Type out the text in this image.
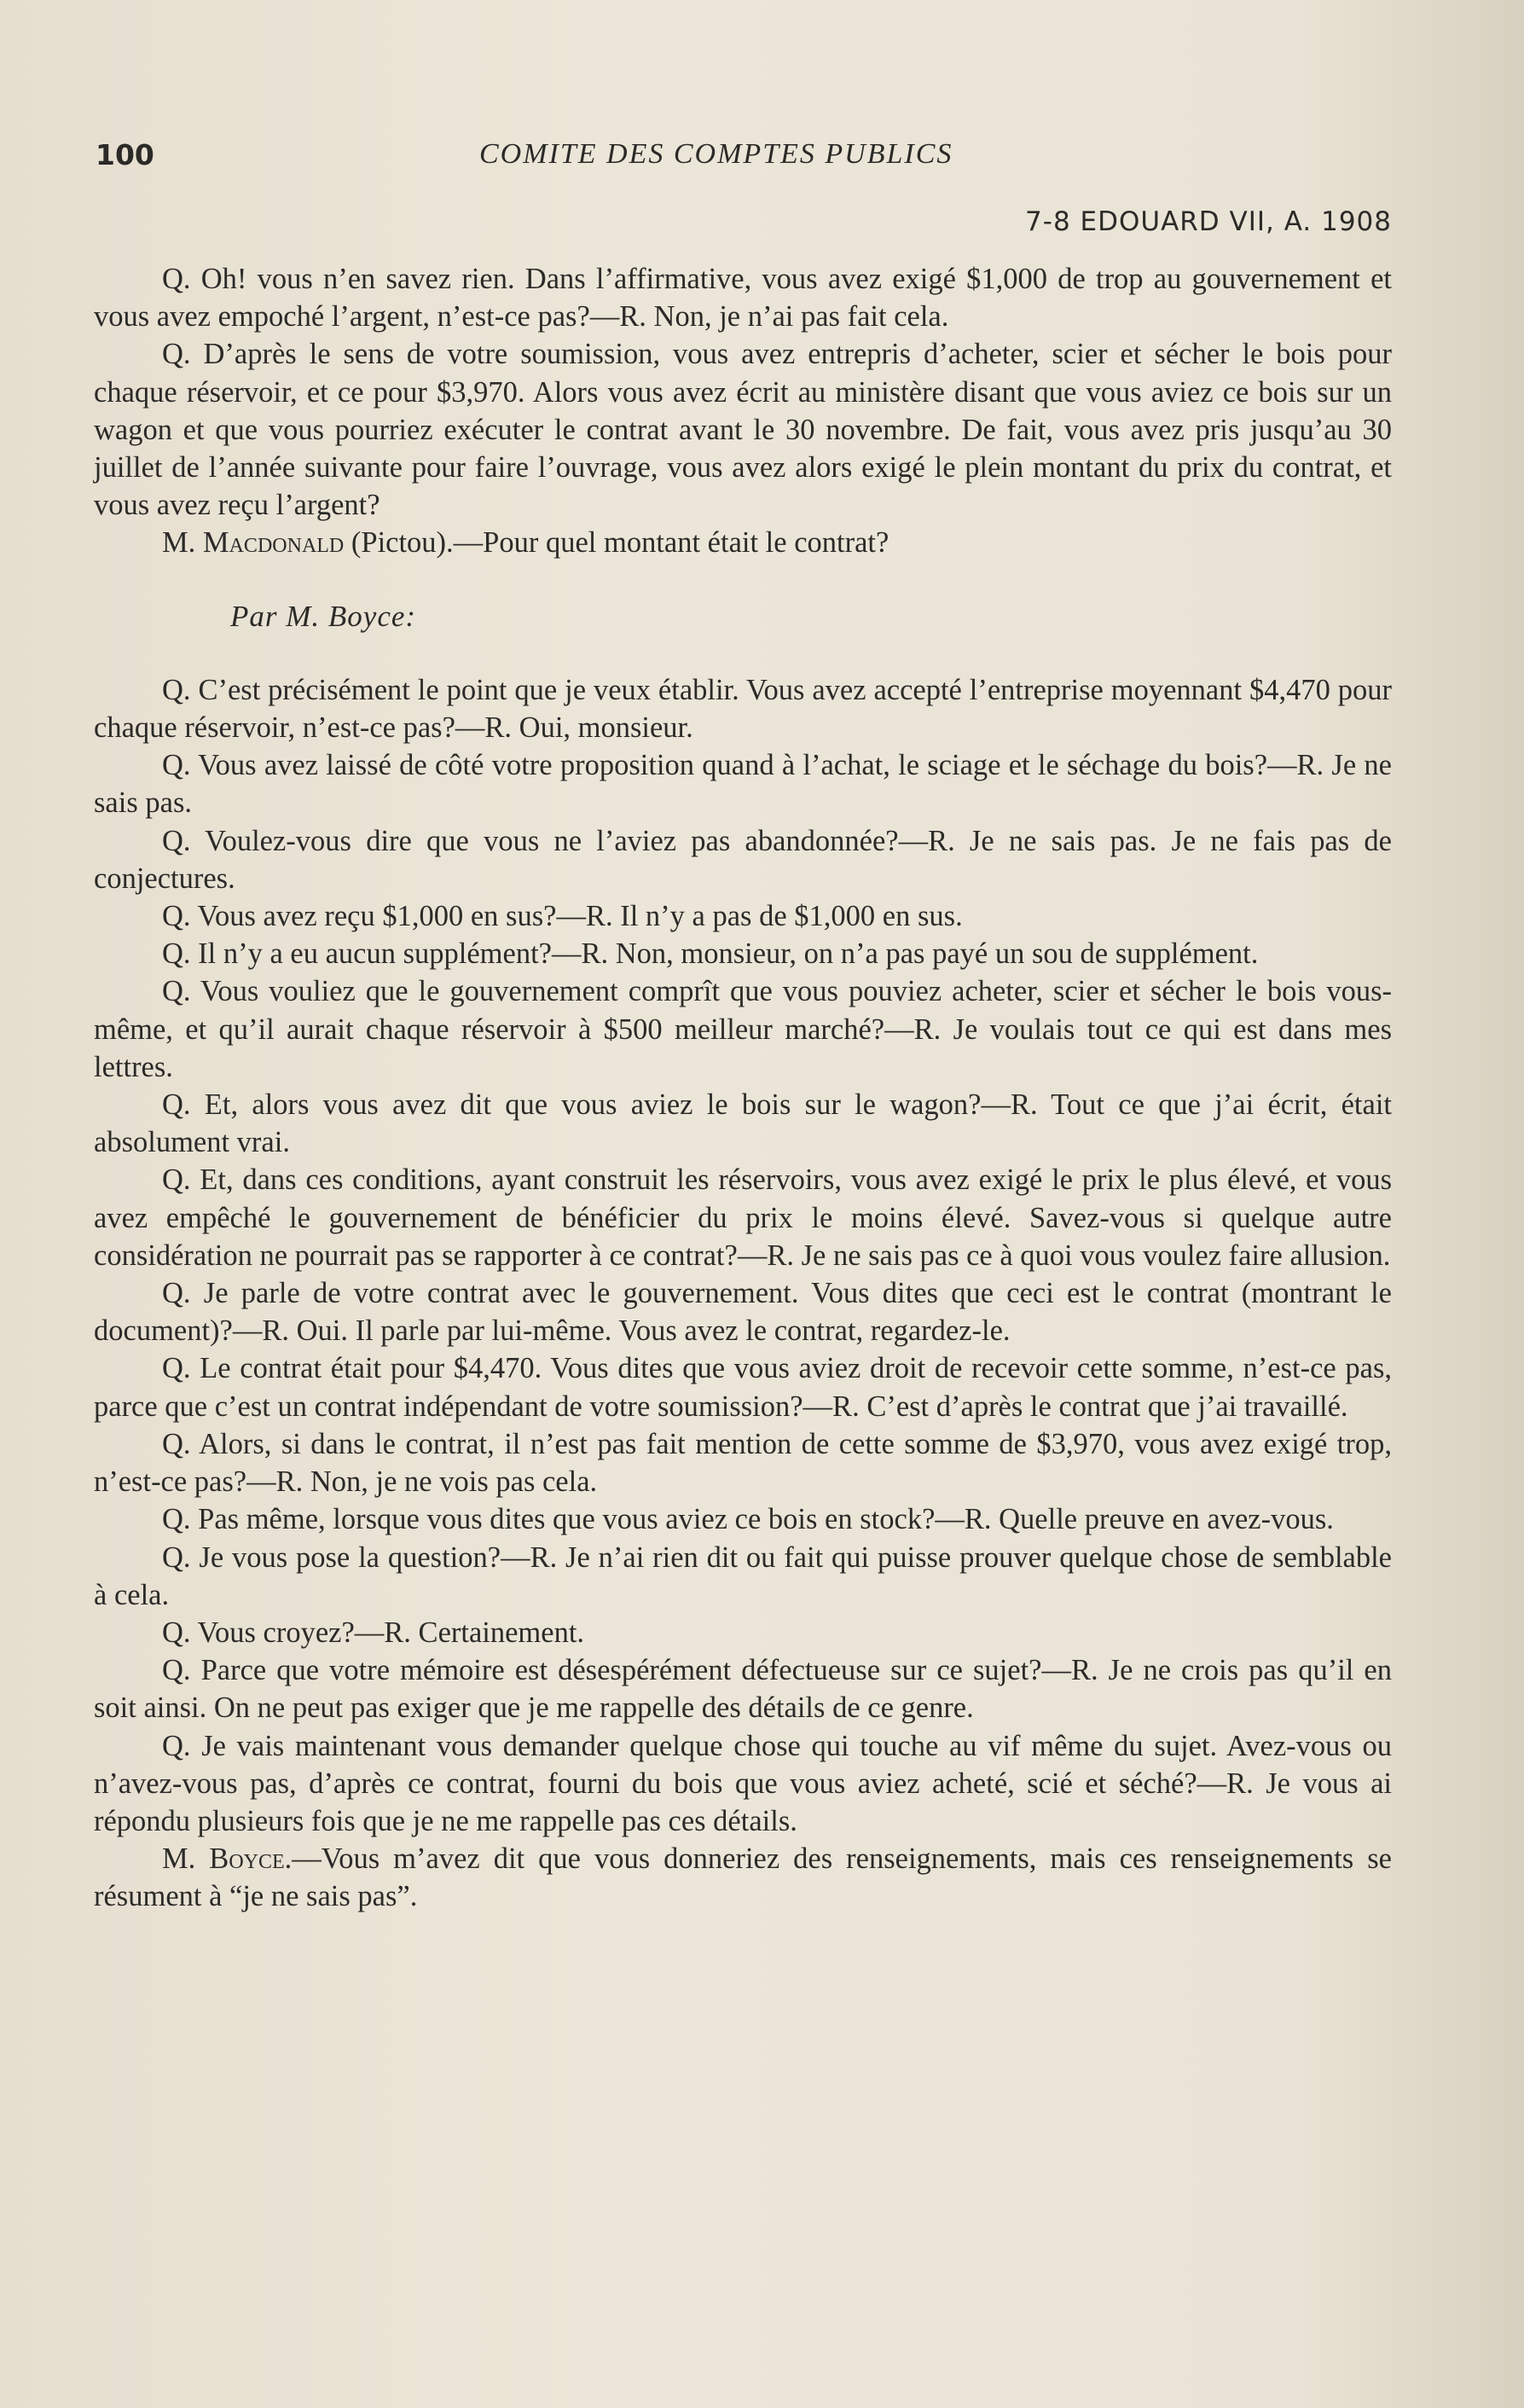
100	COMITE DES COMPTES PUBLICS
7-8 EDOUARD VII, A. 1908

Q. Oh! vous n’en savez rien. Dans l’affirmative, vous avez exigé $1,000 de trop au gouvernement et vous avez empoché l’argent, n’est-ce pas?—R. Non, je n’ai pas fait cela.

Q. D’après le sens de votre soumission, vous avez entrepris d’acheter, scier et sécher le bois pour chaque réservoir, et ce pour $3,970. Alors vous avez écrit au ministère disant que vous aviez ce bois sur un wagon et que vous pourriez exécuter le contrat avant le 30 novembre. De fait, vous avez pris jusqu’au 30 juillet de l’année suivante pour faire l’ouvrage, vous avez alors exigé le plein montant du prix du contrat, et vous avez reçu l’argent?

M. Macdonald (Pictou).—Pour quel montant était le contrat?

Par M. Boyce:

Q. C’est précisément le point que je veux établir. Vous avez accepté l’entreprise moyennant $4,470 pour chaque réservoir, n’est-ce pas?—R. Oui, monsieur.

Q. Vous avez laissé de côté votre proposition quand à l’achat, le sciage et le séchage du bois?—R. Je ne sais pas.

Q. Voulez-vous dire que vous ne l’aviez pas abandonnée?—R. Je ne sais pas. Je ne fais pas de conjectures.

Q. Vous avez reçu $1,000 en sus?—R. Il n’y a pas de $1,000 en sus.

Q. Il n’y a eu aucun supplément?—R. Non, monsieur, on n’a pas payé un sou de supplément.

Q. Vous vouliez que le gouvernement comprît que vous pouviez acheter, scier et sécher le bois vous-même, et qu’il aurait chaque réservoir à $500 meilleur marché?—R. Je voulais tout ce qui est dans mes lettres.

Q. Et, alors vous avez dit que vous aviez le bois sur le wagon?—R. Tout ce que j’ai écrit, était absolument vrai.

Q. Et, dans ces conditions, ayant construit les réservoirs, vous avez exigé le prix le plus élevé, et vous avez empêché le gouvernement de bénéficier du prix le moins élevé. Savez-vous si quelque autre considération ne pourrait pas se rapporter à ce contrat?—R. Je ne sais pas ce à quoi vous voulez faire allusion.

Q. Je parle de votre contrat avec le gouvernement. Vous dites que ceci est le contrat (montrant le document)?—R. Oui. Il parle par lui-même. Vous avez le contrat, regardez-le.

Q. Le contrat était pour $4,470. Vous dites que vous aviez droit de recevoir cette somme, n’est-ce pas, parce que c’est un contrat indépendant de votre soumission?—R. C’est d’après le contrat que j’ai travaillé.

Q. Alors, si dans le contrat, il n’est pas fait mention de cette somme de $3,970, vous avez exigé trop, n’est-ce pas?—R. Non, je ne vois pas cela.

Q. Pas même, lorsque vous dites que vous aviez ce bois en stock?—R. Quelle preuve en avez-vous.

Q. Je vous pose la question?—R. Je n’ai rien dit ou fait qui puisse prouver quelque chose de semblable à cela.

Q. Vous croyez?—R. Certainement.

Q. Parce que votre mémoire est désespérément défectueuse sur ce sujet?—R. Je ne crois pas qu’il en soit ainsi. On ne peut pas exiger que je me rappelle des détails de ce genre.

Q. Je vais maintenant vous demander quelque chose qui touche au vif même du sujet. Avez-vous ou n’avez-vous pas, d’après ce contrat, fourni du bois que vous aviez acheté, scié et séché?—R. Je vous ai répondu plusieurs fois que je ne me rappelle pas ces détails.

M. Boyce.—Vous m’avez dit que vous donneriez des renseignements, mais ces renseignements se résument à “je ne sais pas”.
